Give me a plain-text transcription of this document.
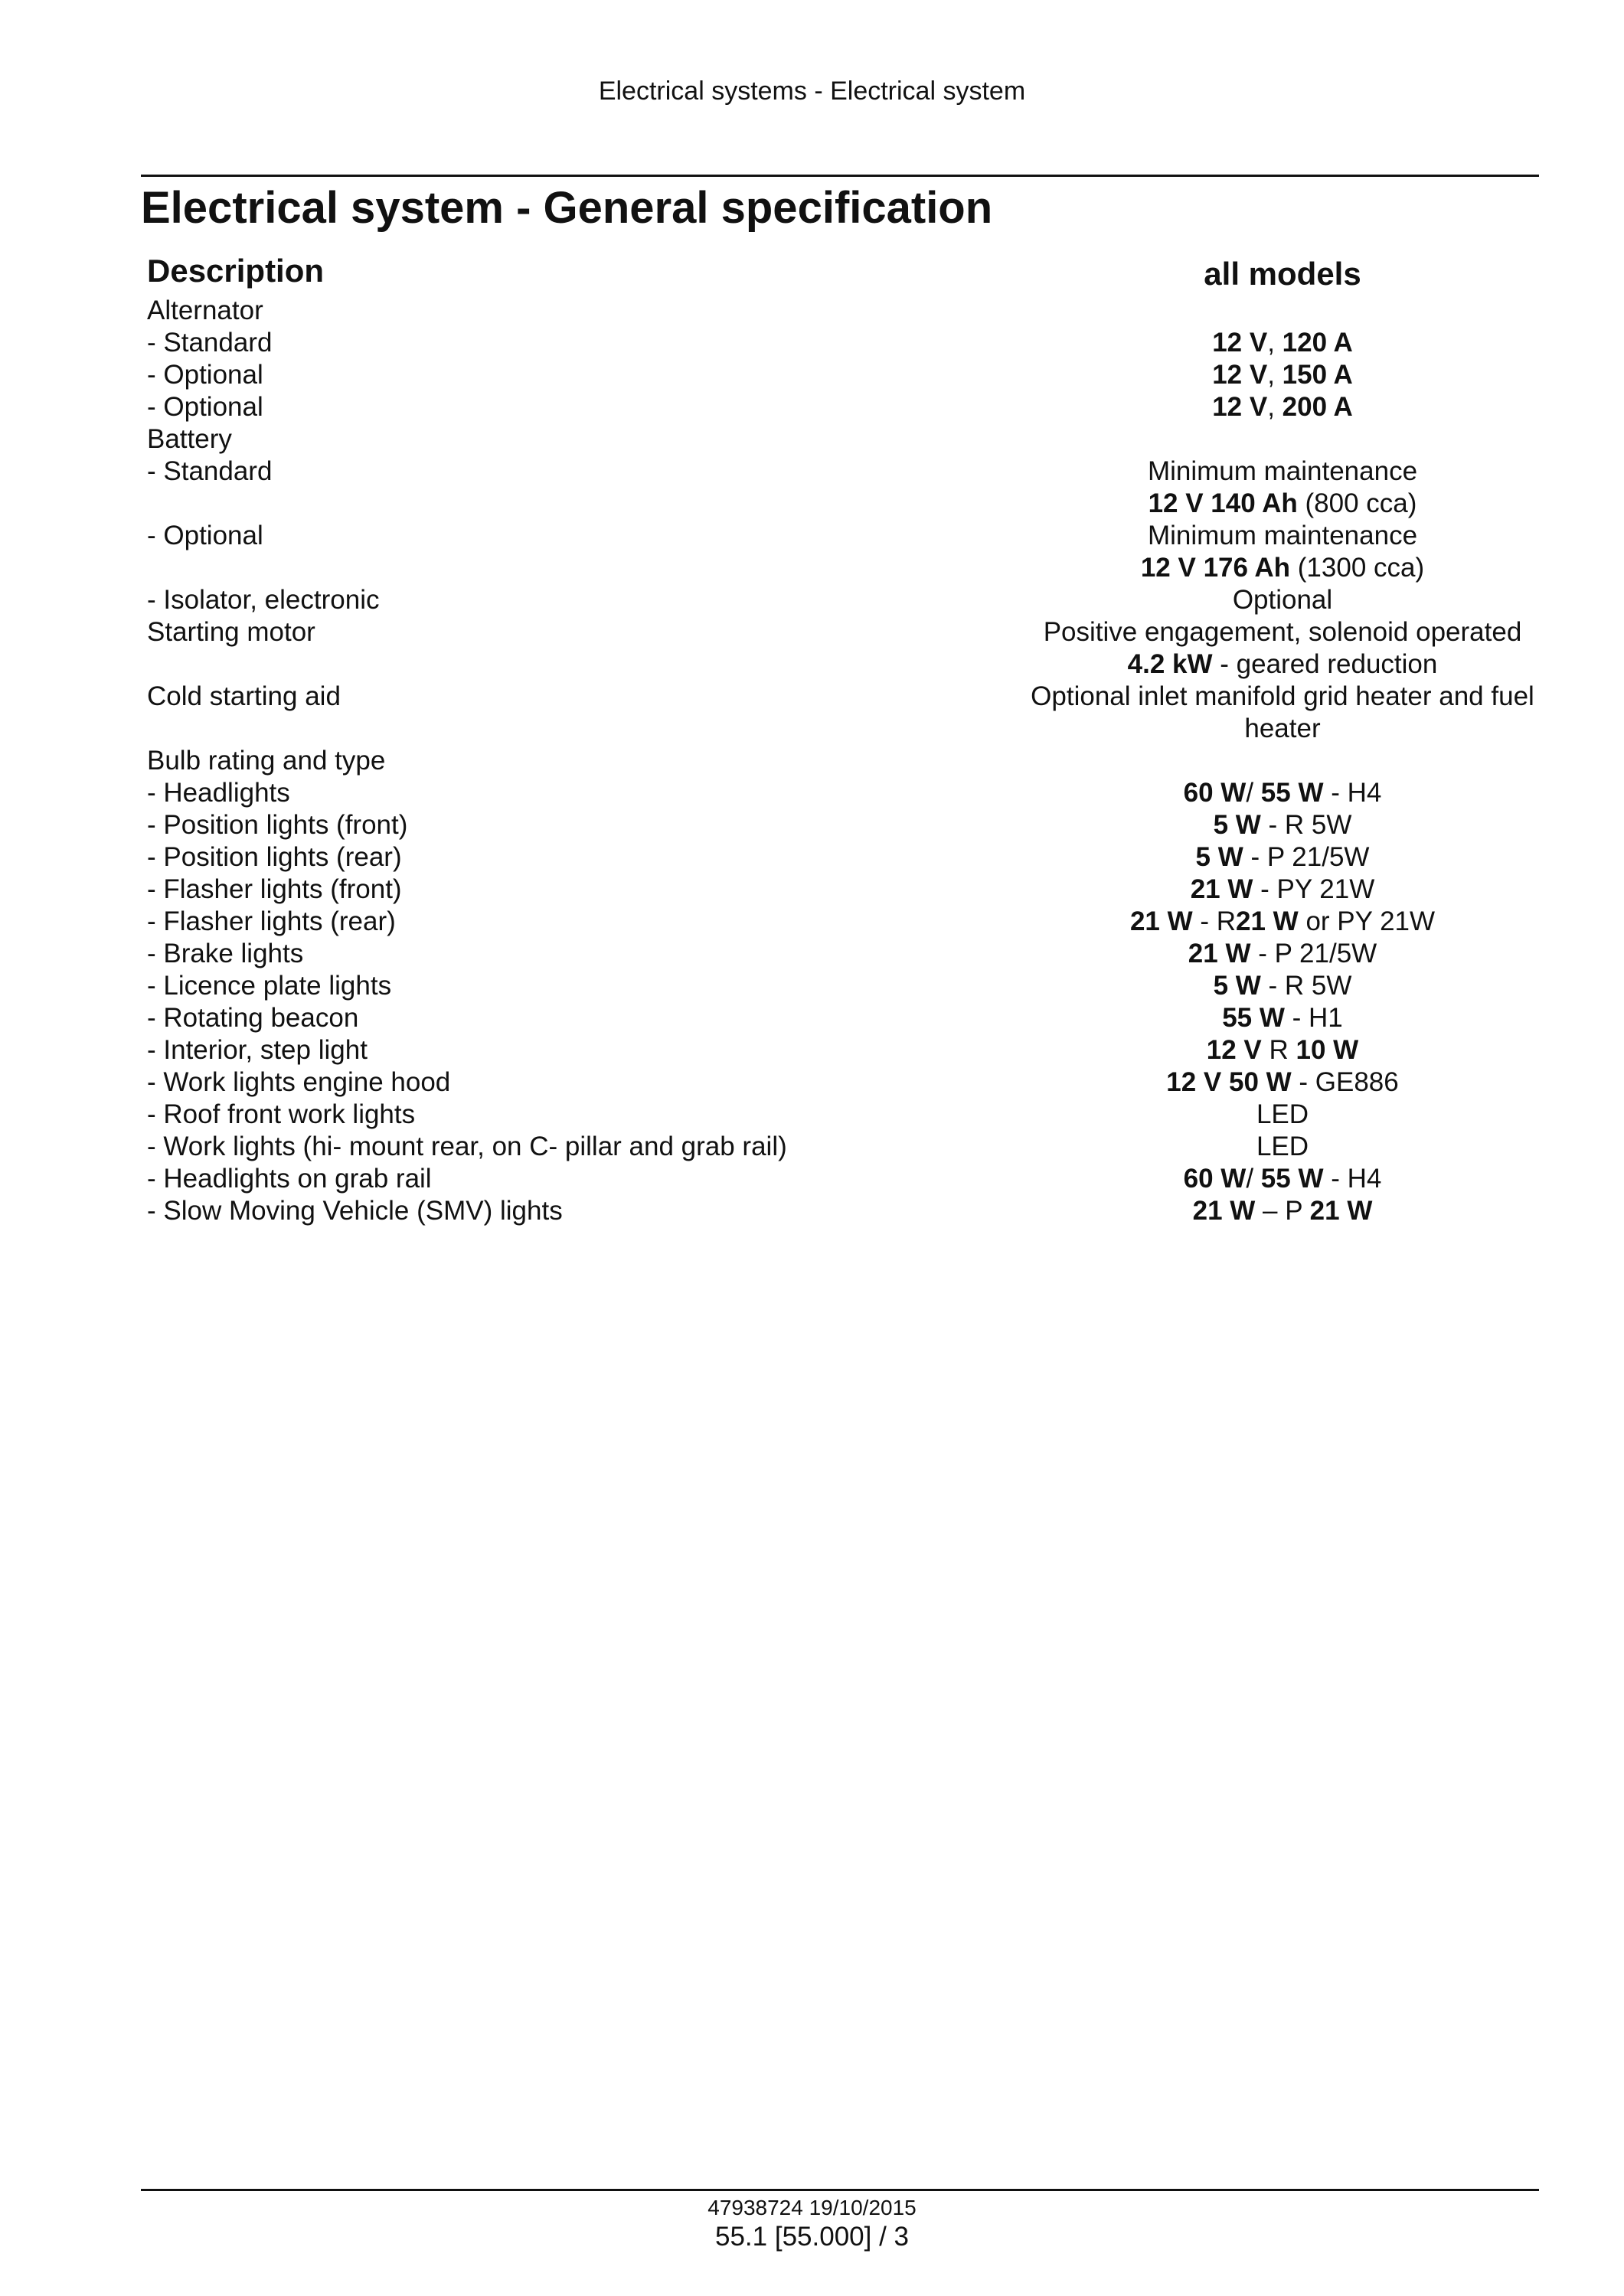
Electrical systems - Electrical system
Electrical system - General specification
Description	all models
Alternator	
- Standard	12 V, 120 A

- Optional	12 V, 150 A

- Optional	12 V, 200 A

Battery	
- Standard	Minimum maintenance
12 V 140 Ah (800 cca)

- Optional	Minimum maintenance
12 V 176 Ah (1300 cca)

- Isolator, electronic	Optional

Starting motor	Positive engagement, solenoid operated
4.2 kW - geared reduction

Cold starting aid	Optional inlet manifold grid heater and fuel
heater

Bulb rating and type	
- Headlights	60 W/ 55 W - H4

- Position lights (front)	5 W - R 5W

- Position lights (rear)	5 W - P 21/5W

- Flasher lights (front)	21 W - PY 21W

- Flasher lights (rear)	21 W - R21 W or PY 21W

- Brake lights	21 W - P 21/5W

- Licence plate lights	5 W - R 5W

- Rotating beacon	55 W - H1

- Interior, step light	12 V R 10 W

- Work lights engine hood	12 V 50 W - GE886

- Roof front work lights	LED

- Work lights (hi- mount rear, on C- pillar and grab rail)	LED

- Headlights on grab rail	60 W/ 55 W - H4

- Slow Moving Vehicle (SMV) lights	21 W – P 21 W
47938724 19/10/2015
55.1 [55.000] / 3
